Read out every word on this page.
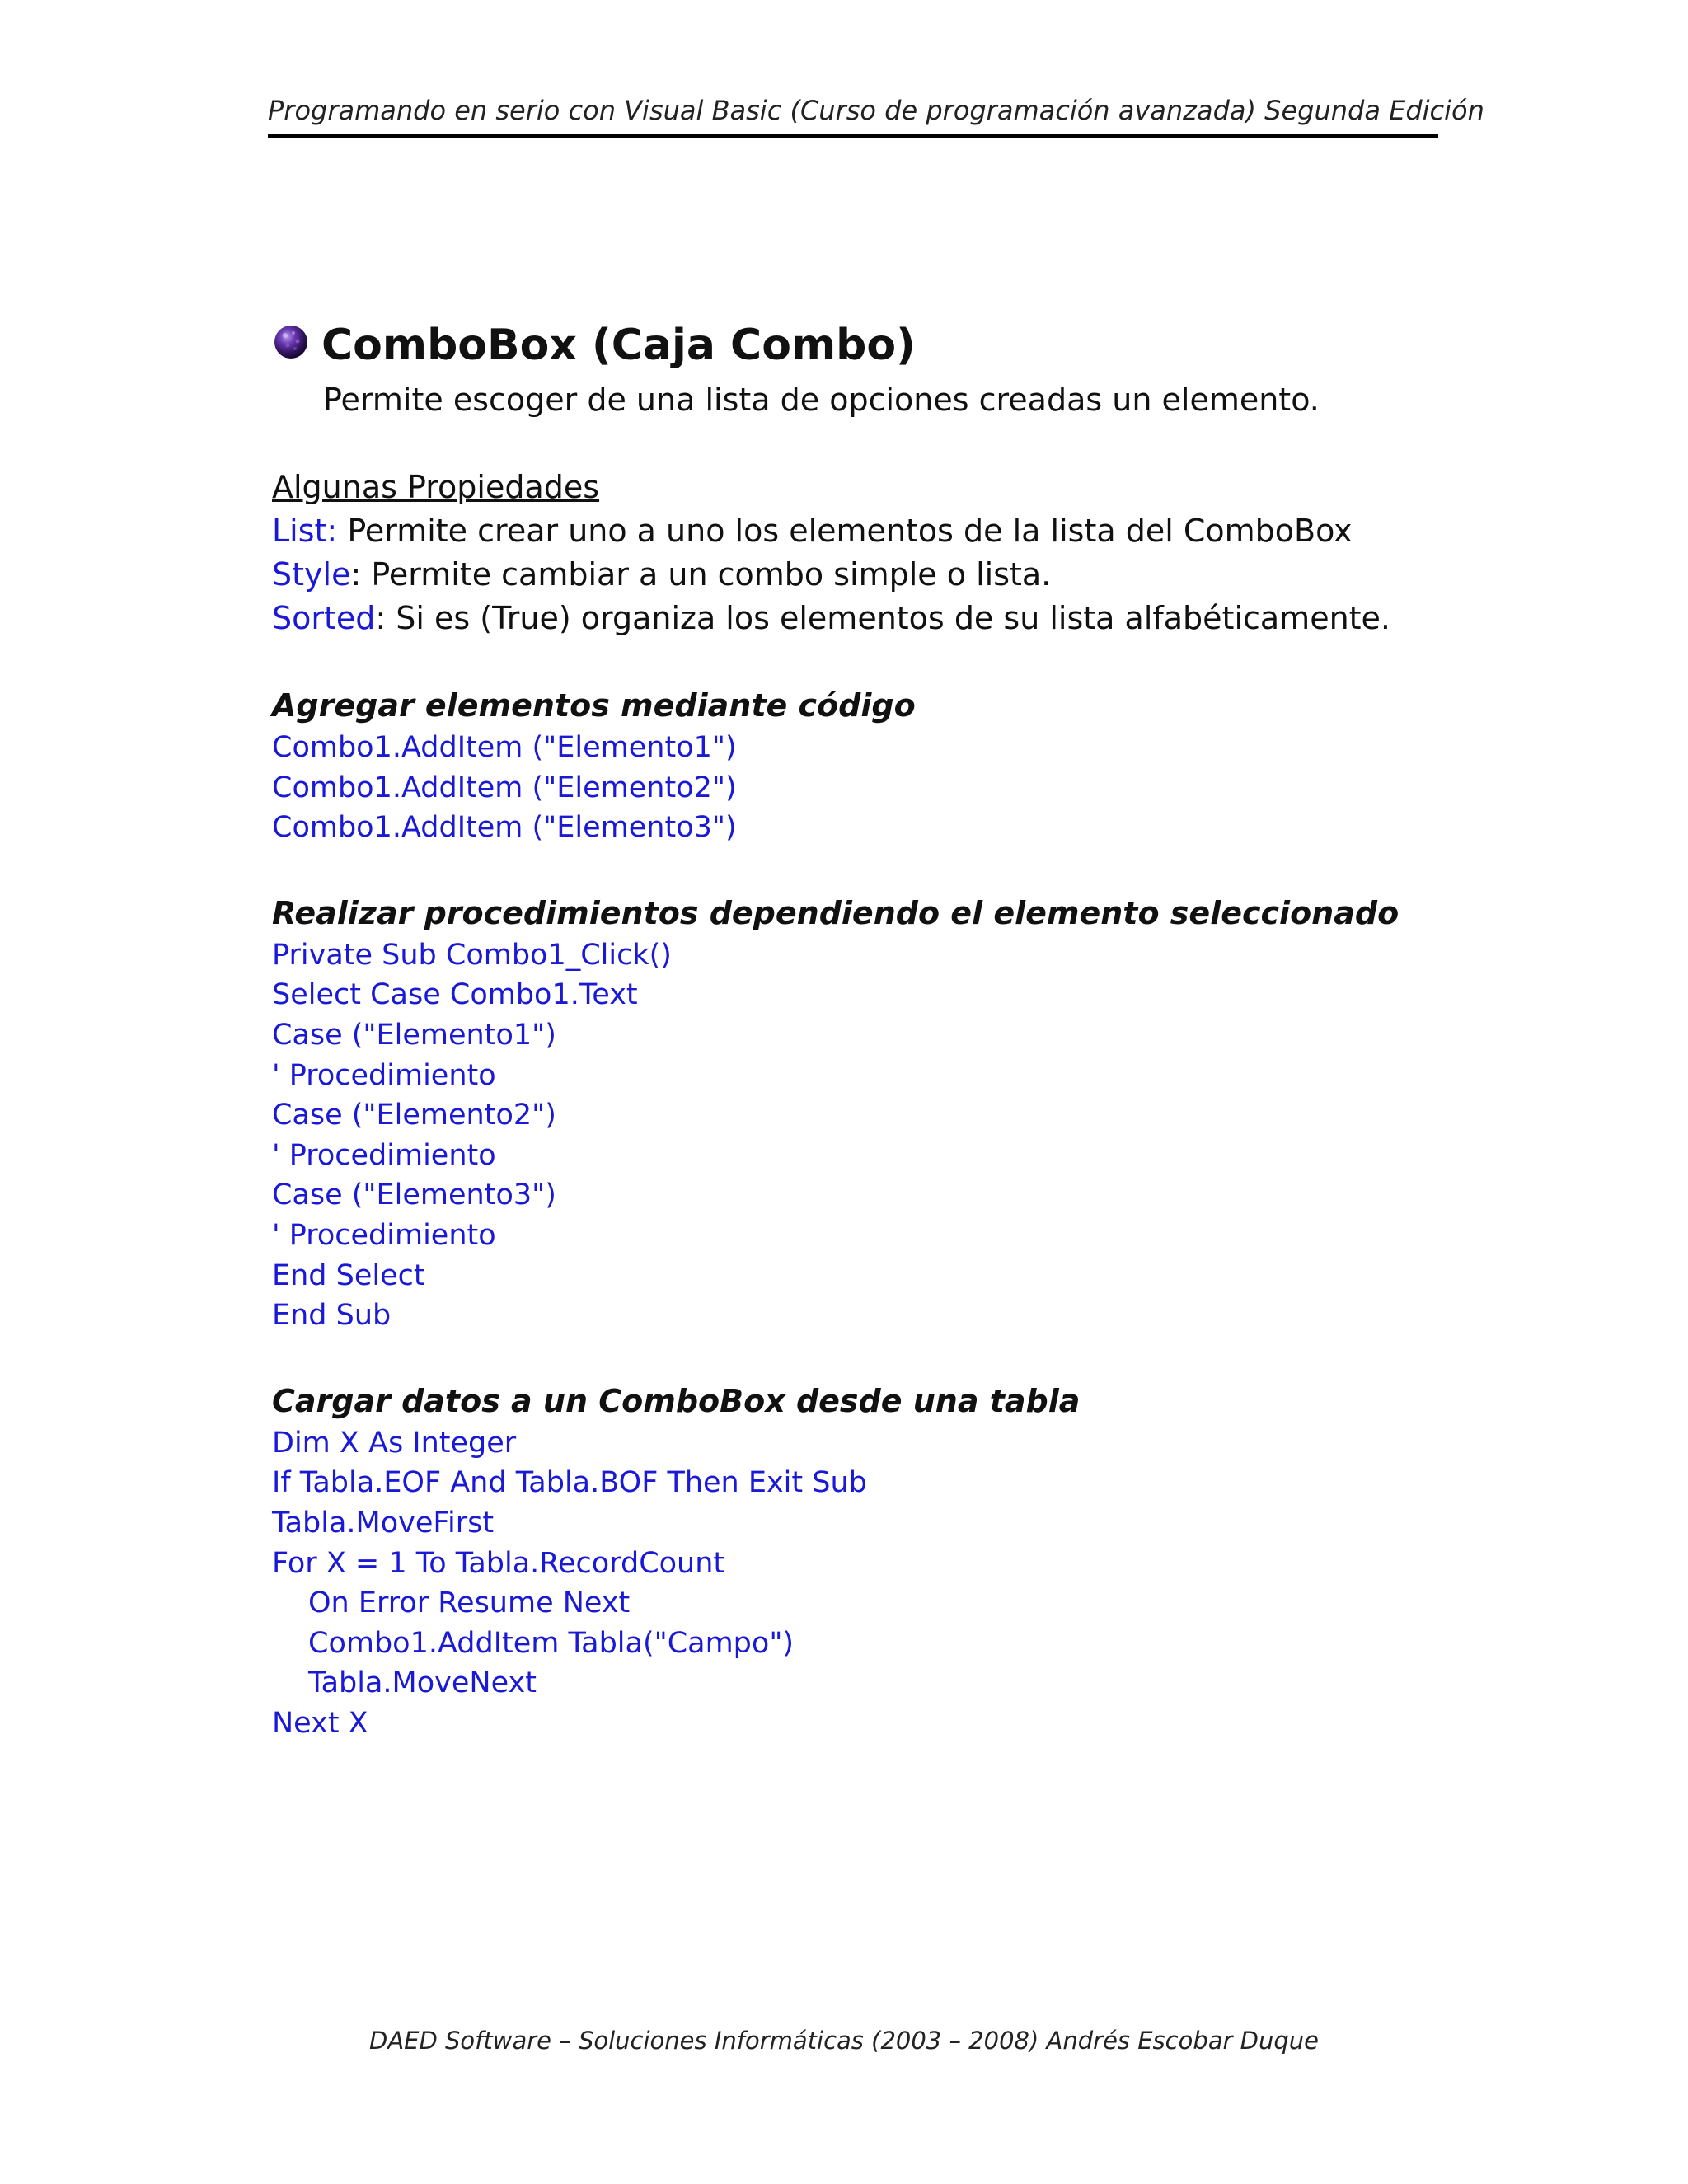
Programando en serio con Visual Basic (Curso de programación avanzada) Segunda Edición
ComboBox (Caja Combo)
Permite escoger de una lista de opciones creadas un elemento.
Algunas Propiedades
List: Permite crear uno a uno los elementos de la lista del ComboBox
Style: Permite cambiar a un combo simple o lista.
Sorted: Si es (True) organiza los elementos de su lista alfabéticamente.
Agregar elementos mediante código
Combo1.AddItem ("Elemento1")
Combo1.AddItem ("Elemento2")
Combo1.AddItem ("Elemento3")
Realizar procedimientos dependiendo el elemento seleccionado
Private Sub Combo1_Click()
Select Case Combo1.Text
Case ("Elemento1")
' Procedimiento
Case ("Elemento2")
' Procedimiento
Case ("Elemento3")
' Procedimiento
End Select
End Sub
Cargar datos a un ComboBox desde una tabla
Dim X As Integer
If Tabla.EOF And Tabla.BOF Then Exit Sub
Tabla.MoveFirst
For X = 1 To Tabla.RecordCount
On Error Resume Next
Combo1.AddItem Tabla("Campo")
Tabla.MoveNext
Next X
DAED Software – Soluciones Informáticas (2003 – 2008) Andrés Escobar Duque
